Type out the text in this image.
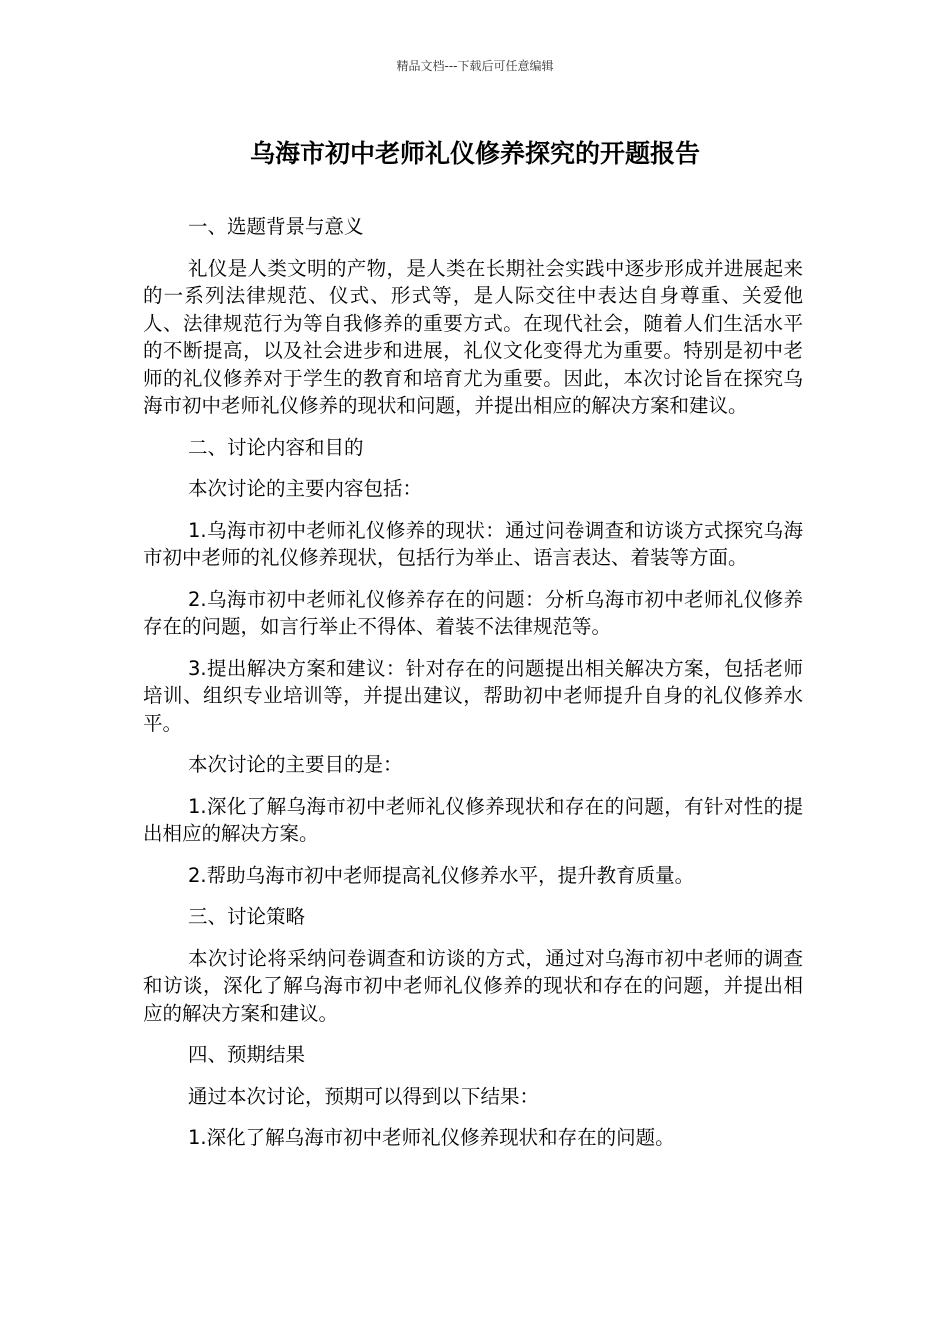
精品文档---下载后可任意编辑
乌海市初中老师礼仪修养探究的开题报告

一、选题背景与意义

礼仪是人类文明的产物，是人类在长期社会实践中逐步形成并进展起来的一系列法律规范、仪式、形式等，是人际交往中表达自身尊重、关爱他人、法律规范行为等自我修养的重要方式。在现代社会，随着人们生活水平的不断提高，以及社会进步和进展，礼仪文化变得尤为重要。特别是初中老师的礼仪修养对于学生的教育和培育尤为重要。因此，本次讨论旨在探究乌海市初中老师礼仪修养的现状和问题，并提出相应的解决方案和建议。

二、讨论内容和目的

本次讨论的主要内容包括：

1.乌海市初中老师礼仪修养的现状：通过问卷调查和访谈方式探究乌海市初中老师的礼仪修养现状，包括行为举止、语言表达、着装等方面。

2.乌海市初中老师礼仪修养存在的问题：分析乌海市初中老师礼仪修养存在的问题，如言行举止不得体、着装不法律规范等。

3.提出解决方案和建议：针对存在的问题提出相关解决方案，包括老师培训、组织专业培训等，并提出建议，帮助初中老师提升自身的礼仪修养水平。

本次讨论的主要目的是：

1.深化了解乌海市初中老师礼仪修养现状和存在的问题，有针对性的提出相应的解决方案。

2.帮助乌海市初中老师提高礼仪修养水平，提升教育质量。

三、讨论策略

本次讨论将采纳问卷调查和访谈的方式，通过对乌海市初中老师的调查和访谈，深化了解乌海市初中老师礼仪修养的现状和存在的问题，并提出相应的解决方案和建议。

四、预期结果

通过本次讨论，预期可以得到以下结果：

1.深化了解乌海市初中老师礼仪修养现状和存在的问题。
